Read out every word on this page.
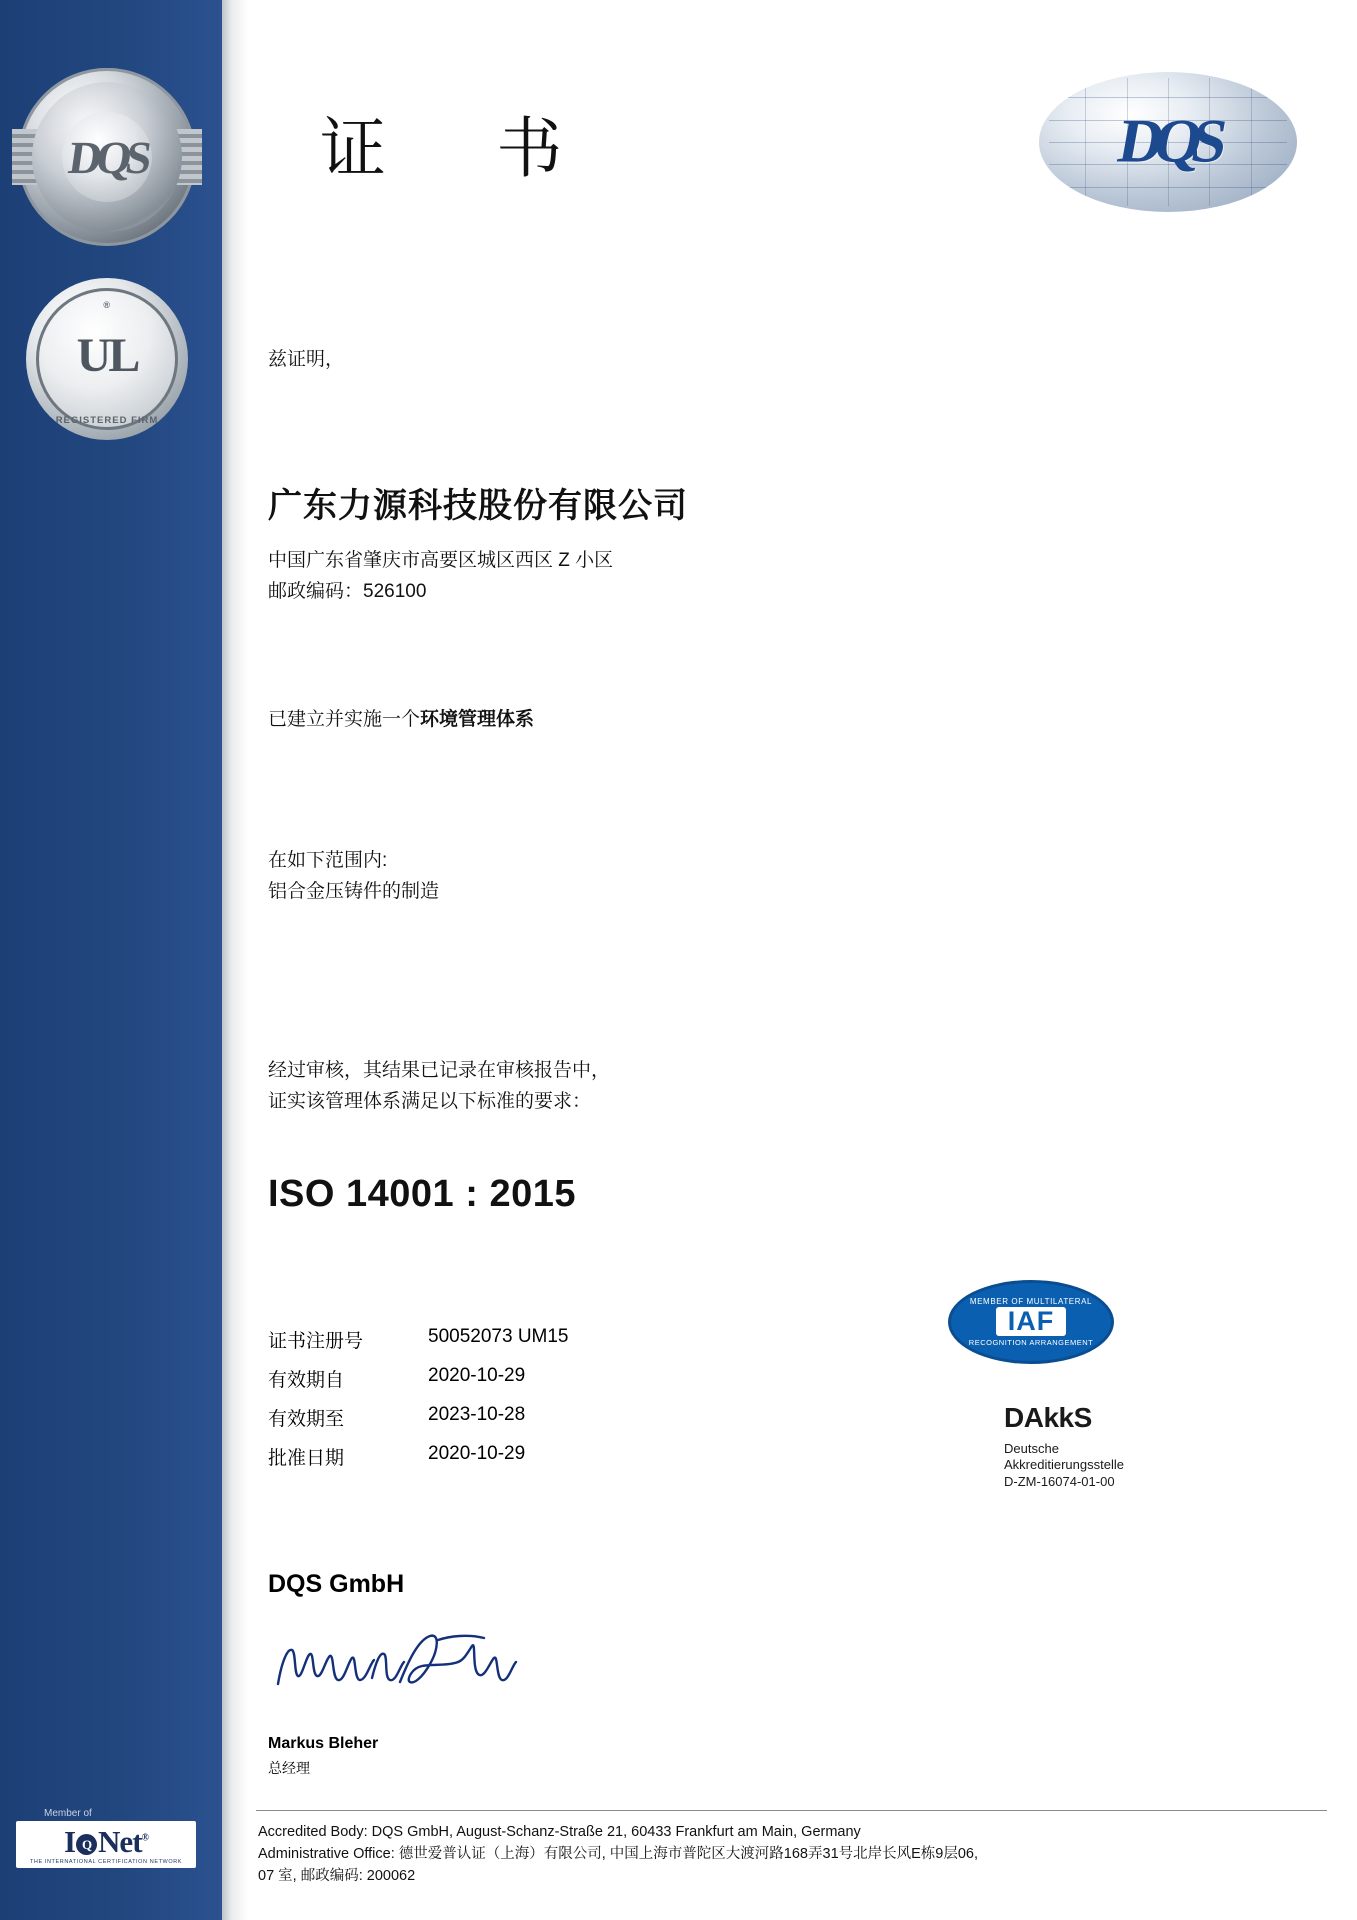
DQS
UL
®
REGISTERED FIRM
Member of
I Q Net®
THE INTERNATIONAL CERTIFICATION NETWORK
证 书	DQS
兹证明，
广东力源科技股份有限公司
中国广东省肇庆市高要区城区西区 Z 小区
邮政编码：526100
已建立并实施一个环境管理体系
在如下范围内:
铝合金压铸件的制造
经过审核，其结果已记录在审核报告中，
证实该管理体系满足以下标准的要求：
ISO 14001 : 2015
证书注册号	50052073 UM15
有效期自	2020-10-29
有效期至	2023-10-28
批准日期	2020-10-29
MEMBER OF MULTILATERAL
IAF
RECOGNITION ARRANGEMENT
DAkkS
Deutsche
Akkreditierungsstelle
D-ZM-16074-01-00
DQS GmbH
Markus Bleher
总经理
Accredited Body: DQS GmbH, August-Schanz-Straße 21, 60433 Frankfurt am Main, Germany
Administrative Office: 德世爱普认证（上海）有限公司, 中国上海市普陀区大渡河路168弄31号北岸长风E栋9层06,
07 室, 邮政编码: 200062
